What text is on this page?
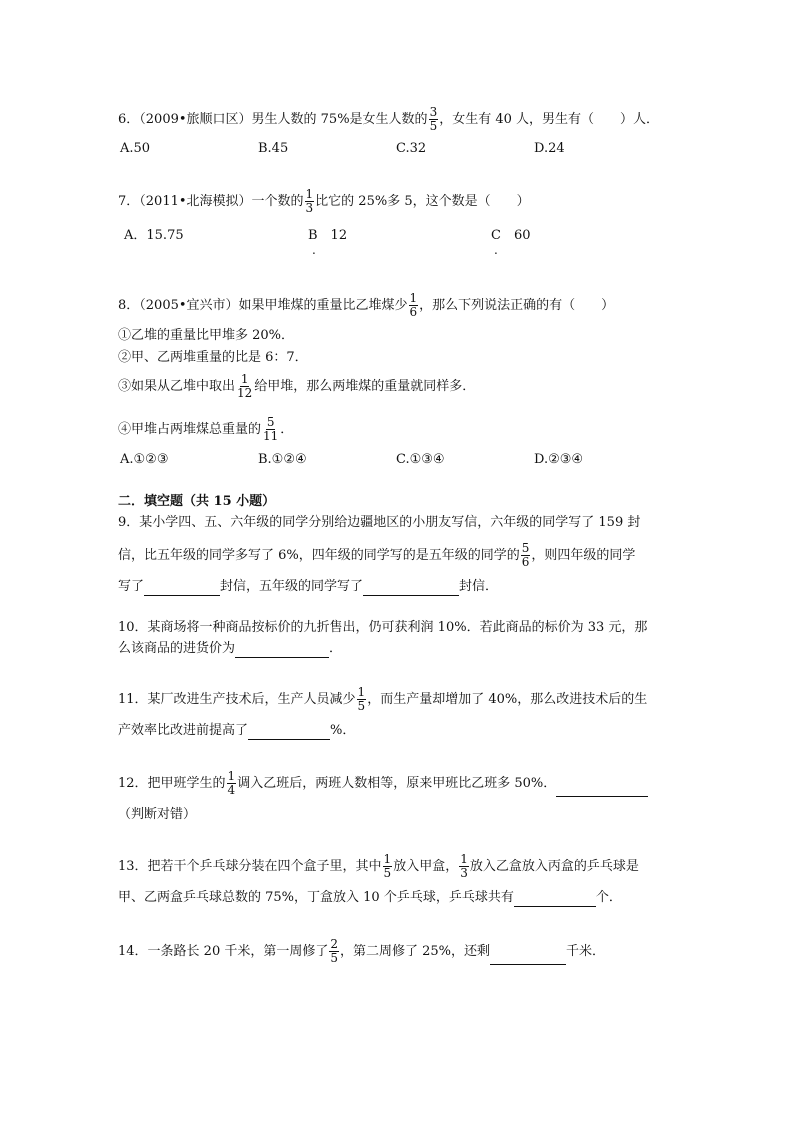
6．（2009•旅顺口区）男生人数的 75%是女生人数的 $\frac{3}{5}$ ，女生有 40 人，男生有（　　）人．
A.50	B.45	C.32	D.24
7．（2011•北海模拟）一个数的 $\frac{1}{3}$ 比它的 25%多 5，这个数是（　　）
A．15.75	B　12	C　60
.	.
8．（2005•宜兴市）如果甲堆煤的重量比乙堆煤少 $\frac{1}{6}$ ，那么下列说法正确的有（　　）
①乙堆的重量比甲堆多 20%．
②甲、乙两堆重量的比是 6：7．
③如果从乙堆中取出 $\frac{1}{12}$ 给甲堆，那么两堆煤的重量就同样多．
④甲堆占两堆煤总重量的 $\frac{5}{11}$ ．
A.①②③	B.①②④	C.①③④	D.②③④
二．填空题（共 15 小题）
9．某小学四、五、六年级的同学分别给边疆地区的小朋友写信，六年级的同学写了 159 封
信，比五年级的同学多写了 6%，四年级的同学写的是五年级的同学的 $\frac{5}{6}$ ，则四年级的同学
写了	封信，五年级的同学写了	封信．
10．某商场将一种商品按标价的九折售出，仍可获利润 10%．若此商品的标价为 33 元，那
么该商品的进货价为	．
11．某厂改进生产技术后，生产人员减少 $\frac{1}{5}$ ，而生产量却增加了 40%，那么改进技术后的生
产效率比改进前提高了	%．
12．把甲班学生的 $\frac{1}{4}$ 调入乙班后，两班人数相等，原来甲班比乙班多 50%．
（判断对错）
13．把若干个乒乓球分装在四个盒子里，其中 $\frac{1}{5}$ 放入甲盒， $\frac{1}{3}$ 放入乙盒放入丙盒的乒乓球是
甲、乙两盒乒乓球总数的 75%，丁盒放入 10 个乒乓球，乒乓球共有	个．
14．一条路长 20 千米，第一周修了 $\frac{2}{5}$ ，第二周修了 25%，还剩	千米．
